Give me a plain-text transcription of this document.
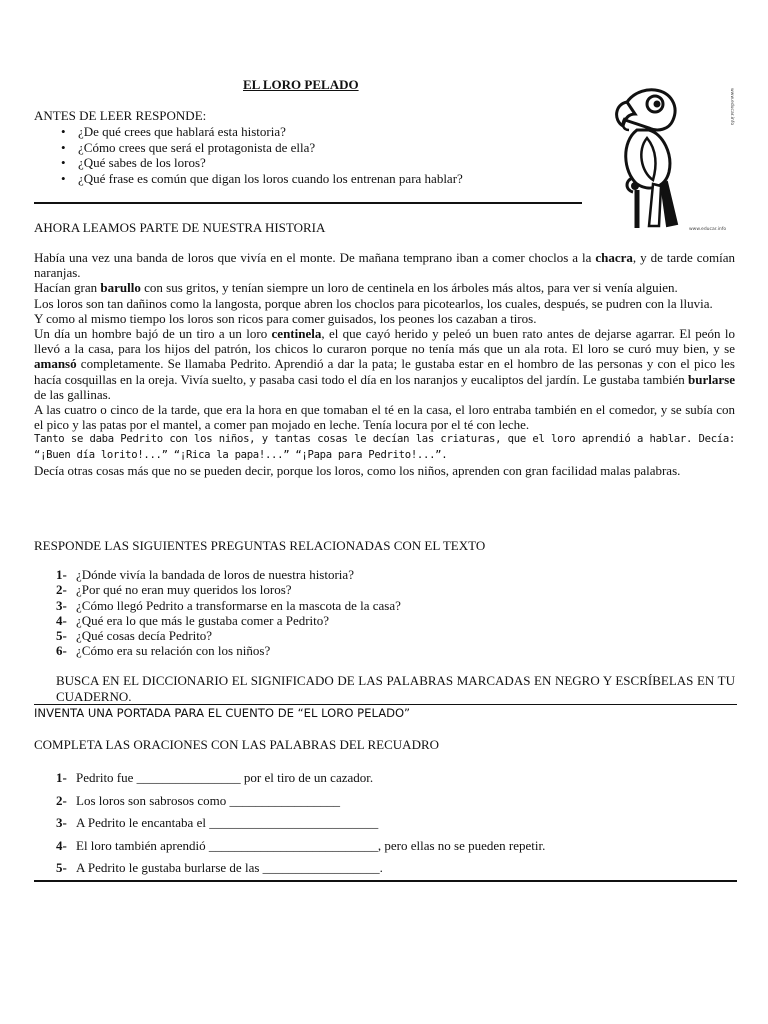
EL LORO PELADO
ANTES DE LEER RESPONDE:
• ¿De qué crees que hablará esta historia?
• ¿Cómo crees que será el protagonista de ella?
• ¿Qué sabes de los loros?
• ¿Qué frase es común que digan los loros cuando los entrenan para hablar?
www.educar.info
www.educar.info
AHORA LEAMOS PARTE DE NUESTRA HISTORIA

Había una vez una banda de loros que vivía en el monte. De mañana temprano iban a comer choclos a la chacra, y de tarde comían naranjas.

Hacían gran barullo con sus gritos, y tenían siempre un loro de centinela en los árboles más altos, para ver si venía alguien.

Los loros son tan dañinos como la langosta, porque abren los choclos para picotearlos, los cuales, después, se pudren con la lluvia.

Y como al mismo tiempo los loros son ricos para comer guisados, los peones los cazaban a tiros.

Un día un hombre bajó de un tiro a un loro centinela, el que cayó herido y peleó un buen rato antes de dejarse agarrar. El peón lo llevó a la casa, para los hijos del patrón, los chicos lo curaron porque no tenía más que un ala rota. El loro se curó muy bien, y se amansó completamente. Se llamaba Pedrito. Aprendió a dar la pata; le gustaba estar en el hombro de las personas y con el pico les hacía cosquillas en la oreja. Vivía suelto, y pasaba casi todo el día en los naranjos y eucaliptos del jardín. Le gustaba también burlarse de las gallinas.

A las cuatro o cinco de la tarde, que era la hora en que tomaban el té en la casa, el loro entraba también en el comedor, y se subía con el pico y las patas por el mantel, a comer pan mojado en leche. Tenía locura por el té con leche.

Tanto se daba Pedrito con los niños, y tantas cosas le decían las criaturas, que el loro aprendió a hablar. Decía: “¡Buen día lorito!...” “¡Rica la papa!...” “¡Papa para Pedrito!...”.

Decía otras cosas más que no se pueden decir, porque los loros, como los niños, aprenden con gran facilidad malas palabras.

RESPONDE LAS SIGUIENTES PREGUNTAS RELACIONADAS CON EL TEXTO
1- ¿Dónde vivía la bandada de loros de nuestra historia?
2- ¿Por qué no eran muy queridos los loros?
3- ¿Cómo llegó Pedrito a transformarse en la mascota de la casa?
4- ¿Qué era lo que más le gustaba comer a Pedrito?
5- ¿Qué cosas decía Pedrito?
6- ¿Cómo era su relación con los niños?
BUSCA EN EL DICCIONARIO EL SIGNIFICADO DE LAS PALABRAS MARCADAS EN NEGRO Y ESCRÍBELAS EN TU CUADERNO.
INVENTA UNA PORTADA PARA EL CUENTO DE “EL LORO PELADO”
COMPLETA LAS ORACIONES CON LAS PALABRAS DEL RECUADRO
1- Pedrito fue ________________ por el tiro de un cazador.
2- Los loros son sabrosos como _________________
3- A Pedrito le encantaba el __________________________
4- El loro también aprendió __________________________, pero ellas no se pueden repetir.
5- A Pedrito le gustaba burlarse de las __________________.
